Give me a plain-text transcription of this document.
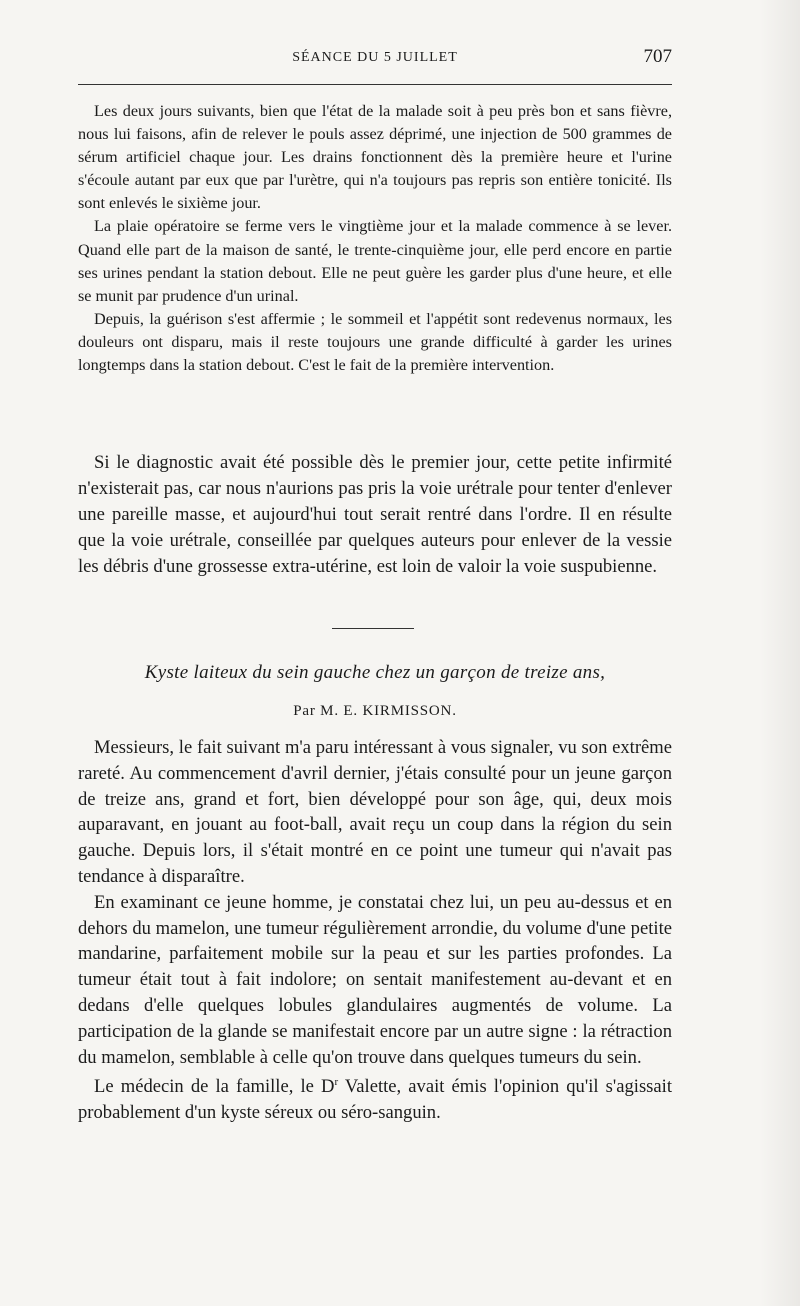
SÉANCE DU 5 JUILLET	707

Les deux jours suivants, bien que l'état de la malade soit à peu près bon et sans fièvre, nous lui faisons, afin de relever le pouls assez déprimé, une injection de 500 grammes de sérum artificiel chaque jour. Les drains fonctionnent dès la première heure et l'urine s'écoule autant par eux que par l'urètre, qui n'a toujours pas repris son entière tonicité. Ils sont enlevés le sixième jour.

La plaie opératoire se ferme vers le vingtième jour et la malade commence à se lever. Quand elle part de la maison de santé, le trente-cinquième jour, elle perd encore en partie ses urines pendant la station debout. Elle ne peut guère les garder plus d'une heure, et elle se munit par prudence d'un urinal.

Depuis, la guérison s'est affermie ; le sommeil et l'appétit sont redevenus normaux, les douleurs ont disparu, mais il reste toujours une grande difficulté à garder les urines longtemps dans la station debout. C'est le fait de la première intervention.

Si le diagnostic avait été possible dès le premier jour, cette petite infirmité n'existerait pas, car nous n'aurions pas pris la voie urétrale pour tenter d'enlever une pareille masse, et aujourd'hui tout serait rentré dans l'ordre. Il en résulte que la voie urétrale, conseillée par quelques auteurs pour enlever de la vessie les débris d'une grossesse extra-utérine, est loin de valoir la voie suspubienne.

Kyste laiteux du sein gauche chez un garçon de treize ans,
Par M. E. KIRMISSON.

Messieurs, le fait suivant m'a paru intéressant à vous signaler, vu son extrême rareté. Au commencement d'avril dernier, j'étais consulté pour un jeune garçon de treize ans, grand et fort, bien développé pour son âge, qui, deux mois auparavant, en jouant au foot-ball, avait reçu un coup dans la région du sein gauche. Depuis lors, il s'était montré en ce point une tumeur qui n'avait pas tendance à disparaître.

En examinant ce jeune homme, je constatai chez lui, un peu au-dessus et en dehors du mamelon, une tumeur régulièrement arrondie, du volume d'une petite mandarine, parfaitement mobile sur la peau et sur les parties profondes. La tumeur était tout à fait indolore; on sentait manifestement au-devant et en dedans d'elle quelques lobules glandulaires augmentés de volume. La participation de la glande se manifestait encore par un autre signe : la rétraction du mamelon, semblable à celle qu'on trouve dans quelques tumeurs du sein.

Le médecin de la famille, le $D^r$ Valette, avait émis l'opinion qu'il s'agissait probablement d'un kyste séreux ou séro-sanguin.
